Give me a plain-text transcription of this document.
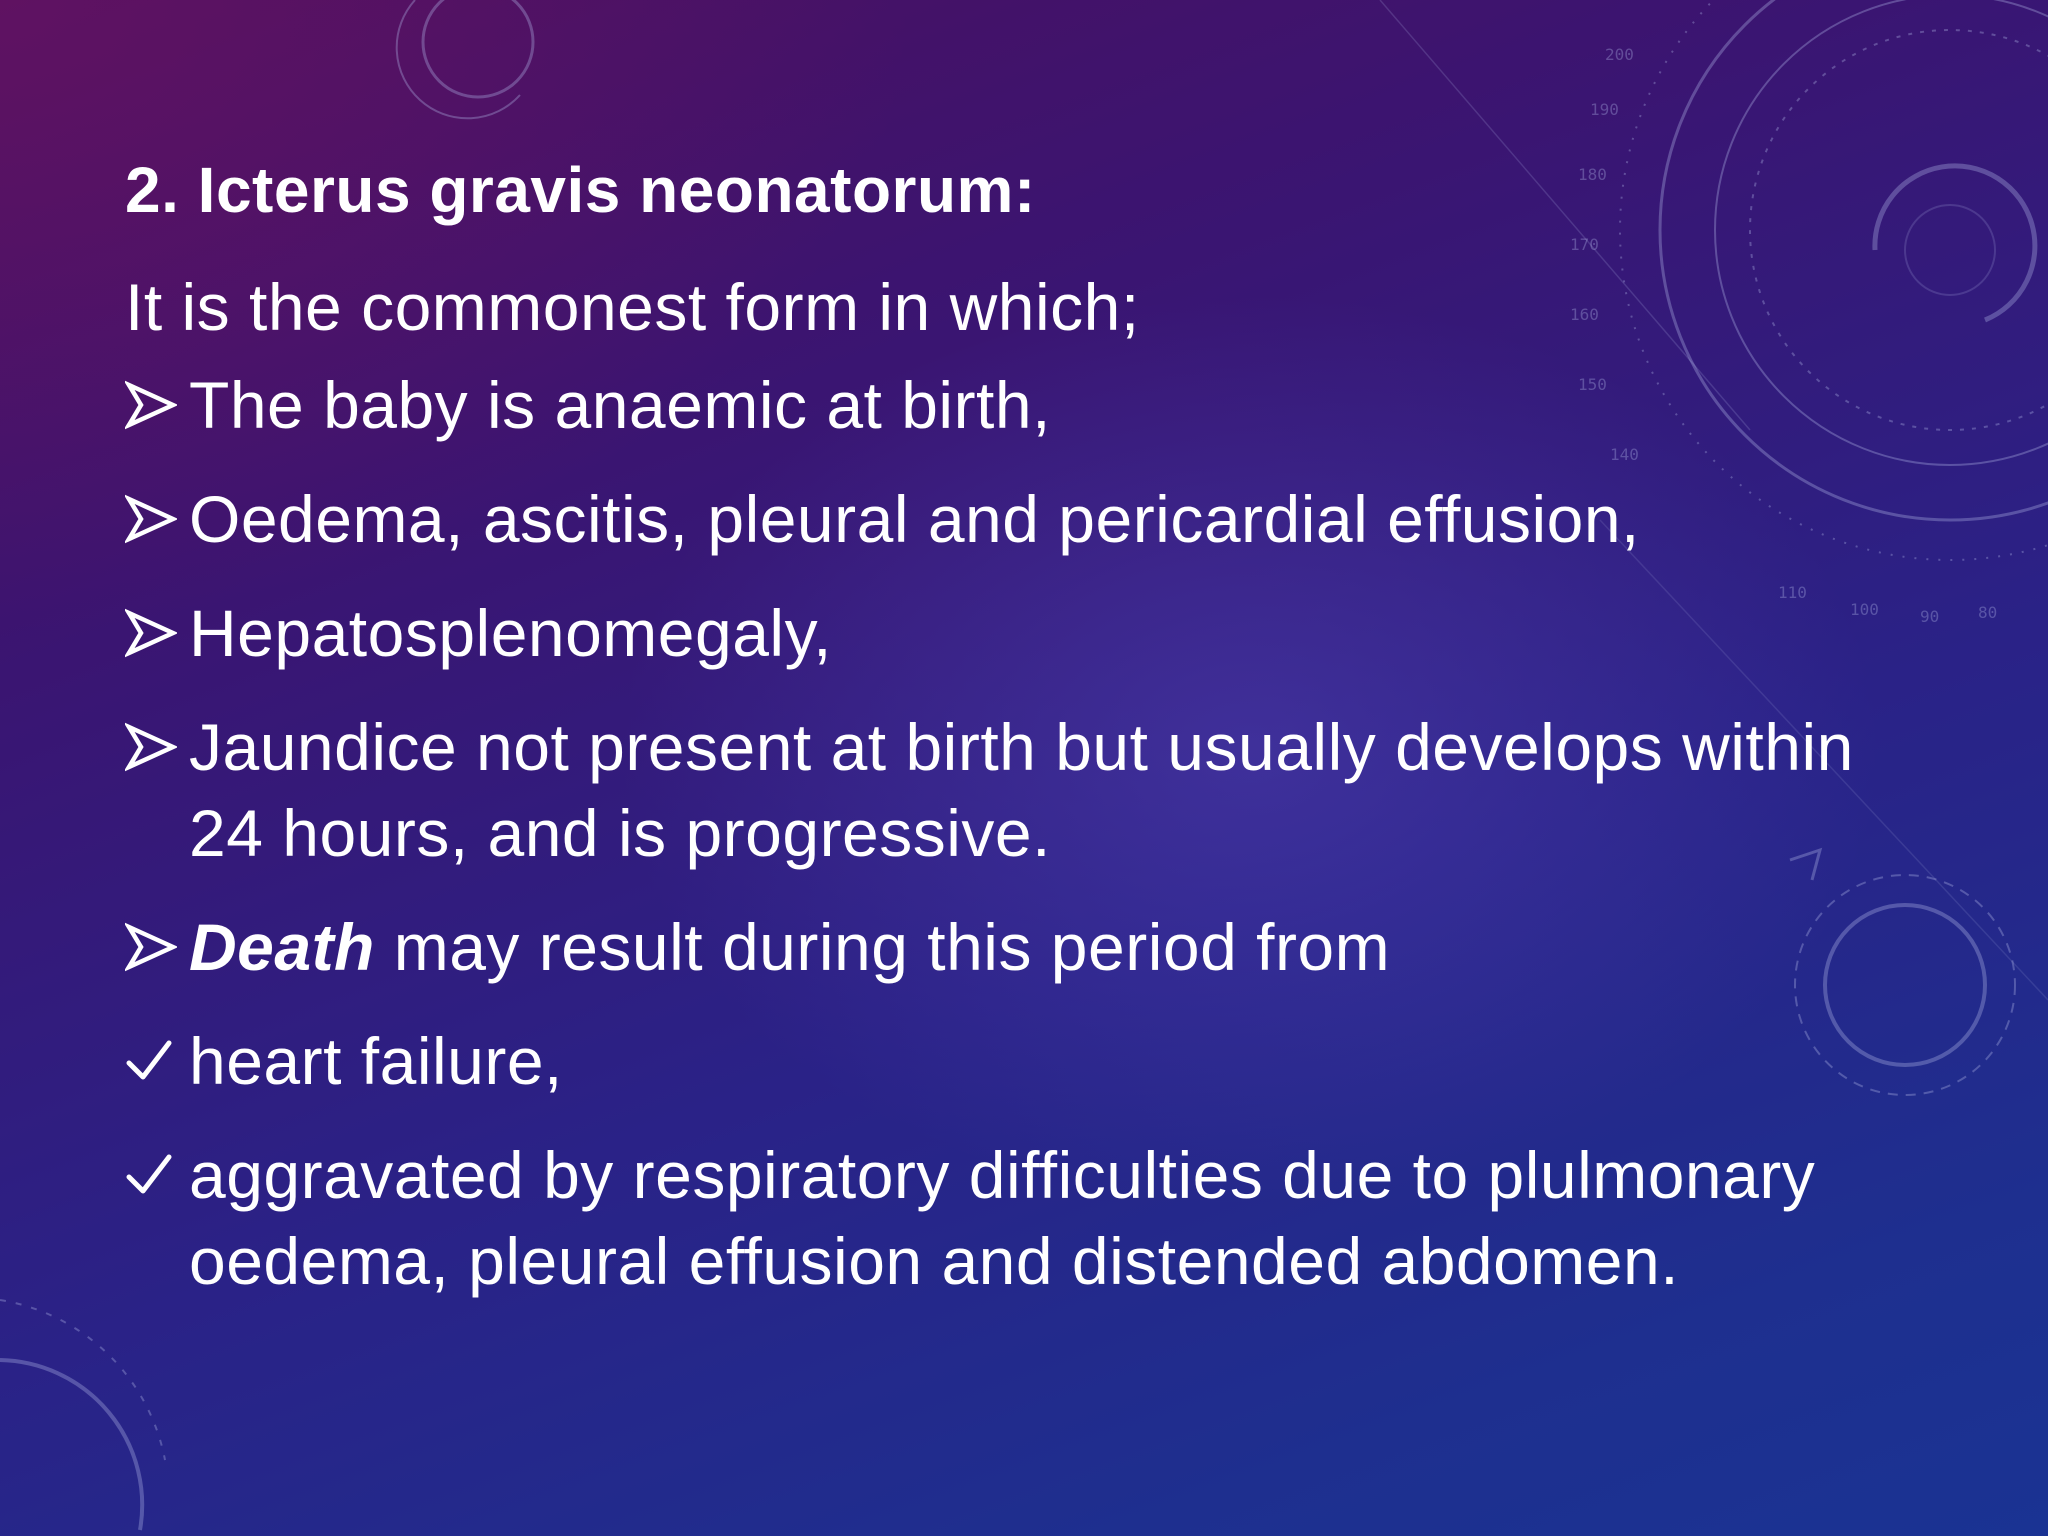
200
190
180
170
160
150
140
110
100	90 80
2. Icterus gravis neonatorum:

It is the commonest form in which;

The baby is anaemic at birth,
Oedema, ascitis, pleural and pericardial effusion,
Hepatosplenomegaly,
Jaundice not present at birth but usually develops within 24 hours, and is progressive.
Death may result during this period from
heart failure,
aggravated by respiratory difficulties due to plulmonary oedema, pleural effusion and distended abdomen.
